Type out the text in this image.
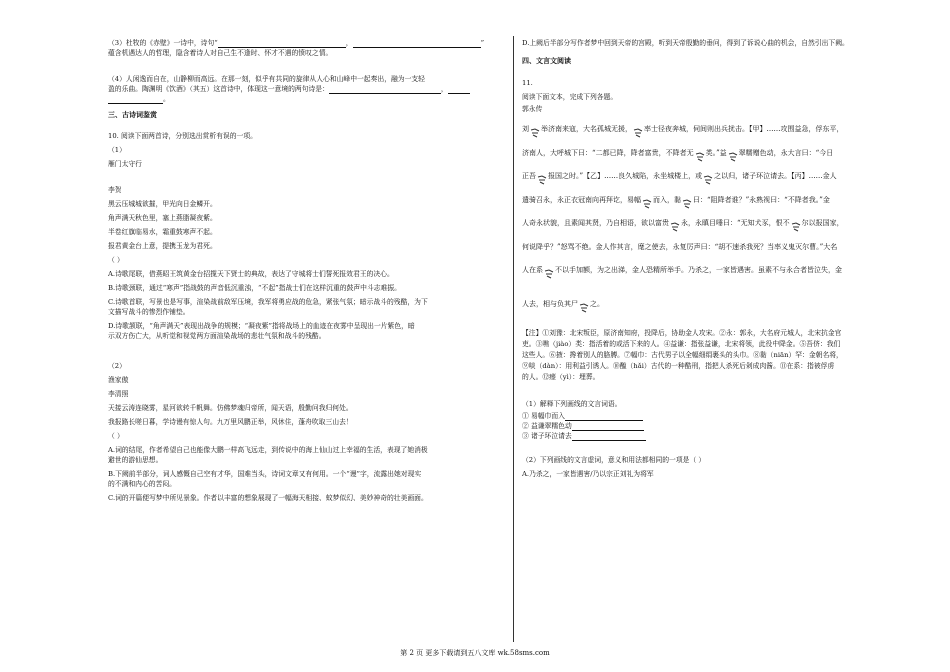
（3）杜牧的《赤壁》一诗中，诗句“	，	”

蕴含机遇达人的哲理，隐含着诗人对自己生不逢时、怀才不遇的愤叹之情。

（4）人闲逸而自在，山静柳而高远。在那一刻，似乎有共同的旋律从人心和山峰中一起奏出，融为一支轻

盈的乐曲。陶渊明《饮酒》（其五）这首诗中，体现这一意境的两句诗是：	，

。

三、古诗词鉴赏

10. 阅读下面两首诗，分别选出赏析有误的一项。

（1）

雁门太守行

李贺

黑云压城城欲摧，甲光向日金鳞开。

角声满天秋色里，塞上燕脂凝夜紫。

半卷红旗临易水，霜重鼓寒声不起。

报君黄金台上意，提携玉龙为君死。

（ ）

A.诗歌尾联，借燕昭王筑黄金台招揽天下贤士的典故，表达了守城将士们誓死报效君王的决心。

B.诗歌颈联，通过“寒声”指战鼓的声音低沉重浊，“不起”指战士们在这样沉重的鼓声中斗志难振。

C.诗歌首联，写景也是写事，渲染战前敌军压境，我军将勇应战的危急，紧张气氛；暗示战斗的残酷，为下

文描写战斗的惨烈作铺垫。

D.诗歌颔联，“角声满天”表现出战争的规模；“凝夜紫”指将战场上的血迹在夜雾中呈现出一片紫色，暗

示双方伤亡大，从听觉和视觉两方面渲染战场的悲壮气氛和战斗的残酷。

（2）

渔家傲

李清照

天接云涛连晓雾，星河欲转千帆舞。仿佛梦魂归帝所，闻天语，殷勤问我归何处。

我报路长嗟日暮，学诗谩有惊人句。九万里风鹏正举，风休住，蓬舟吹取三山去！

（ ）

A.词的结尾，作者希望自己也能像大鹏一样高飞远走，到传说中的海上仙山过上幸福的生活，表现了她消极

避世的游仙思想。

B.下阙前半部分，词人感慨自己空有才华，国难当头，诗词文章又有何用。一个“谩”字，流露出她对现实

的不满和内心的苦闷。

C.词的开篇便写梦中所见景象。作者以丰富的想象展现了一幅海天相接、蚊梦似幻、美妙神奇的壮美画面。

D.上阙后半部分写作者梦中回到天帝的宫殿，听到天帝殷勤的垂问，得到了诉说心曲的机会，自然引出下阙。

四、文言文阅读

11.

阅读下面文本，完成下列各题。

郭永传

刘 举济南来寇，大名孤城无援， 率士径夜奔城，伺间则出兵扰击。【甲】……攻围益急，俘东平，

济南人，大呼城下曰：“二都已降，降者富贵，不降者无 类。”益 翠糯赠色动，永大言曰：“今日

正吾 报国之时。”【乙】……良久城陷，永坐城楼上，或 之以归，诸子环泣请去。【丙】……金人

遣骑召永，永正衣冠南向再拜讫，易幅 而入，黏 曰：“阻降者谁？”永熟视曰：“不降者我。”金

人奇永状貌，且素闻其贤，乃自相语，欲以富贵 永，永瞋目唾曰：“无知犬豕，恨不 尔以报国家，

何说降乎？”怒骂不绝。金人作其言，麾之使去，永复厉声曰：“胡不速杀我死？当率义鬼灭尔曹。”大名

人在系 不以手加额，为之出涕，金人恐精所举手。乃杀之，一家皆遇害。虽素不与永合者皆泣失，金

人去，相与负其尸 之。

【注】①刘豫：北宋叛臣，原济南知府，投降后，协助金人攻宋。②永：郭永，大名府元城人，北宋抗金官

吏。③噍（jiào）类：指活着的或活下来的人。④益谦：指张益谦，北宋将领，此役中降金。⑤吾侪：我们

这些人。⑥掖：搀着别人的胳膊。⑦幅巾：古代男子以全幅细绢裹头的头巾。⑧黏（niān）罕：金朝名将，

⑨啖（dàn）：用利益引诱人。⑩醢（hǎi）古代的一种酷刑，指把人杀死后剁成肉酱。⑪在系：指被俘虏

的人。⑫瘗（yì）：埋葬。

（1）解释下列画线的文言词语。

① 易幅巾而入

② 益谦翠糯色动

③ 诸子环泣请去

（2）下列画线的文言虚词，意义和用法都相同的一项是（ ）

A.乃杀之，一家皆遇害/乃以宗正刘礼为将军

第 2 页 更多下载请到五八文库 wk.58sms.com
